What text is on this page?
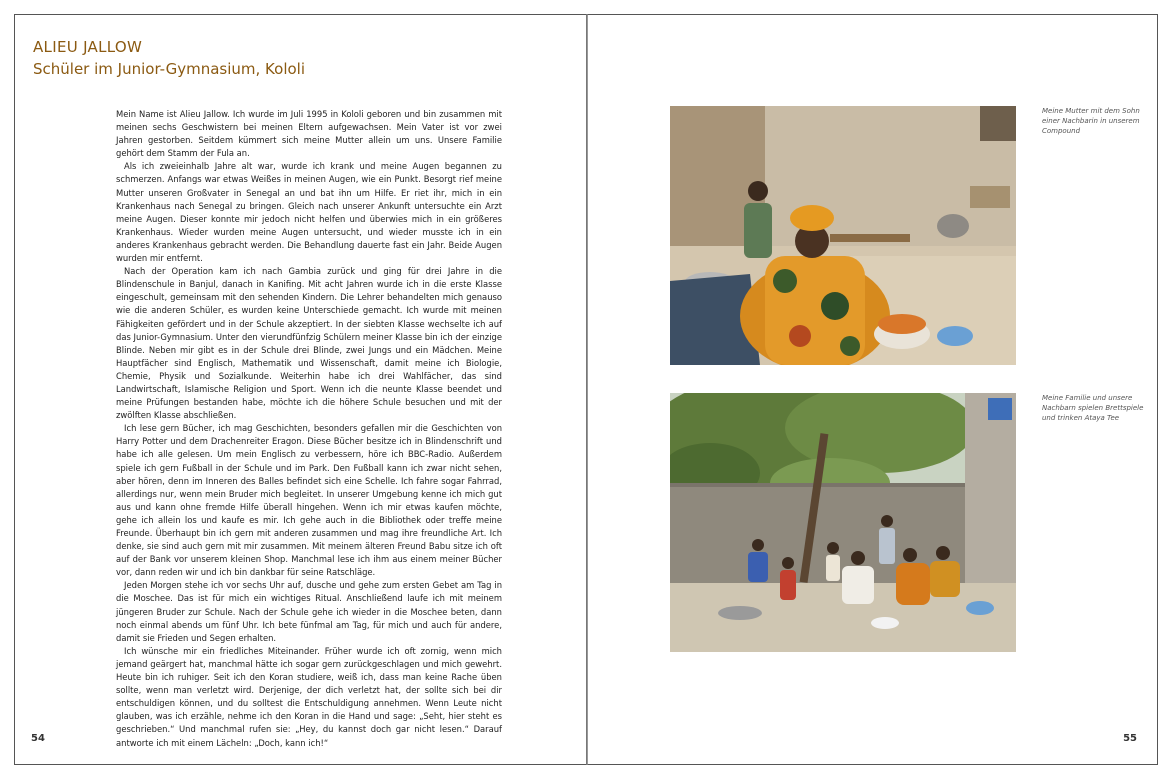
ALIEU JALLOW
Schüler im Junior-Gymnasium, Kololi

Mein Name ist Alieu Jallow. Ich wurde im Juli 1995 in Kololi geboren und bin zusammen mit meinen sechs Geschwistern bei meinen Eltern aufgewachsen. Mein Vater ist vor zwei Jahren gestorben. Seitdem kümmert sich meine Mutter allein um uns. Unsere Familie gehört dem Stamm der Fula an.

Als ich zweieinhalb Jahre alt war, wurde ich krank und meine Augen begannen zu schmerzen. Anfangs war etwas Weißes in meinen Augen, wie ein Punkt. Besorgt rief meine Mutter unseren Großvater in Senegal an und bat ihn um Hilfe. Er riet ihr, mich in ein Krankenhaus nach Senegal zu bringen. Gleich nach unserer Ankunft untersuchte ein Arzt meine Augen. Dieser konnte mir jedoch nicht helfen und überwies mich in ein größeres Krankenhaus. Wieder wurden meine Augen untersucht, und wieder musste ich in ein anderes Krankenhaus gebracht werden. Die Behandlung dauerte fast ein Jahr. Beide Augen wurden mir entfernt.

Nach der Operation kam ich nach Gambia zurück und ging für drei Jahre in die Blindenschule in Banjul, danach in Kanifing. Mit acht Jahren wurde ich in die erste Klasse eingeschult, gemeinsam mit den sehenden Kindern. Die Lehrer behandelten mich genauso wie die anderen Schüler, es wurden keine Unterschiede gemacht. Ich wurde mit meinen Fähigkeiten gefördert und in der Schule akzeptiert. In der siebten Klasse wechselte ich auf das Junior-Gymnasium. Unter den vierundfünfzig Schülern meiner Klasse bin ich der einzige Blinde. Neben mir gibt es in der Schule drei Blinde, zwei Jungs und ein Mädchen. Meine Hauptfächer sind Englisch, Mathematik und Wissenschaft, damit meine ich Biologie, Chemie, Physik und Sozialkunde. Weiterhin habe ich drei Wahlfächer, das sind Landwirtschaft, Islamische Religion und Sport. Wenn ich die neunte Klasse beendet und meine Prüfungen bestanden habe, möchte ich die höhere Schule besuchen und mit der zwölften Klasse abschließen.

Ich lese gern Bücher, ich mag Geschichten, besonders gefallen mir die Geschichten von Harry Potter und dem Drachenreiter Eragon. Diese Bücher besitze ich in Blindenschrift und habe ich alle gelesen. Um mein Englisch zu verbessern, höre ich BBC-Radio. Außerdem spiele ich gern Fußball in der Schule und im Park. Den Fußball kann ich zwar nicht sehen, aber hören, denn im Inneren des Balles befindet sich eine Schelle. Ich fahre sogar Fahrrad, allerdings nur, wenn mein Bruder mich begleitet. In unserer Umgebung kenne ich mich gut aus und kann ohne fremde Hilfe überall hingehen. Wenn ich mir etwas kaufen möchte, gehe ich allein los und kaufe es mir. Ich gehe auch in die Bibliothek oder treffe meine Freunde. Überhaupt bin ich gern mit anderen zusammen und mag ihre freundliche Art. Ich denke, sie sind auch gern mit mir zusammen. Mit meinem älteren Freund Babu sitze ich oft auf der Bank vor unserem kleinen Shop. Manchmal lese ich ihm aus einem meiner Bücher vor, dann reden wir und ich bin dankbar für seine Ratschläge.

Jeden Morgen stehe ich vor sechs Uhr auf, dusche und gehe zum ersten Gebet am Tag in die Moschee. Das ist für mich ein wichtiges Ritual. Anschließend laufe ich mit meinem jüngeren Bruder zur Schule. Nach der Schule gehe ich wieder in die Moschee beten, dann noch einmal abends um fünf Uhr. Ich bete fünfmal am Tag, für mich und auch für andere, damit sie Frieden und Segen erhalten.

Ich wünsche mir ein friedliches Miteinander. Früher wurde ich oft zornig, wenn mich jemand geärgert hat, manchmal hätte ich sogar gern zurückgeschlagen und mich gewehrt. Heute bin ich ruhiger. Seit ich den Koran studiere, weiß ich, dass man keine Rache üben sollte, wenn man verletzt wird. Derjenige, der dich verletzt hat, der sollte sich bei dir entschuldigen können, und du solltest die Entschuldigung annehmen. Wenn Leute nicht glauben, was ich erzähle, nehme ich den Koran in die Hand und sage: „Seht, hier steht es geschrieben.“ Und manchmal rufen sie: „Hey, du kannst doch gar nicht lesen.“ Darauf antworte ich mit einem Lächeln: „Doch, kann ich!“

54
Meine Mutter mit dem Sohn einer Nachbarin in unserem Compound
Meine Familie und unsere Nachbarn spielen Brettspiele und trinken Ataya Tee
55
